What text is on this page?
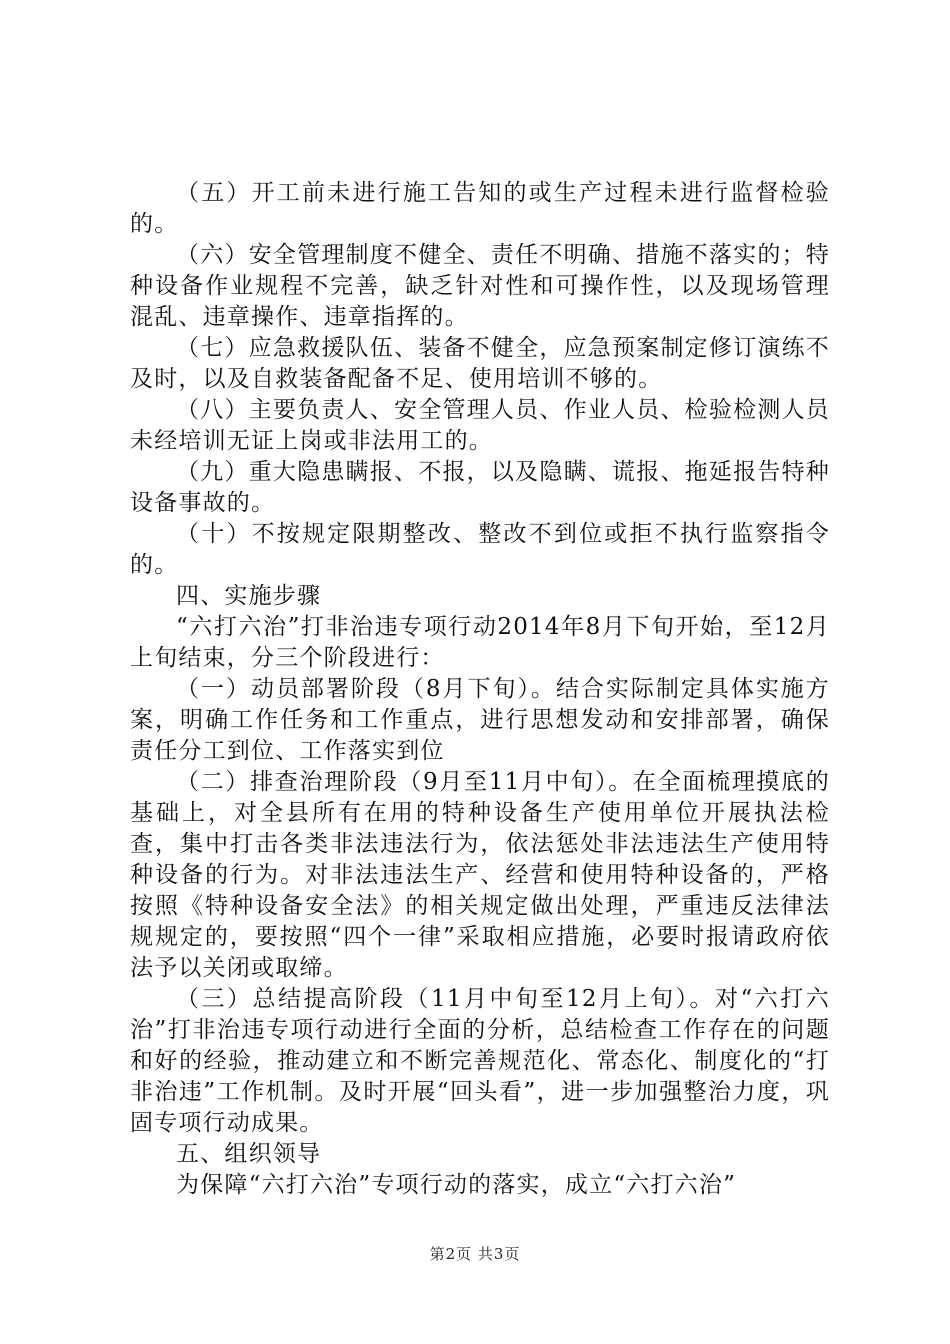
（五）开工前未进行施工告知的或生产过程未进行监督检验的。

（六）安全管理制度不健全、责任不明确、措施不落实的；特种设备作业规程不完善，缺乏针对性和可操作性，以及现场管理混乱、违章操作、违章指挥的。

（七）应急救援队伍、装备不健全，应急预案制定修订演练不及时，以及自救装备配备不足、使用培训不够的。

（八）主要负责人、安全管理人员、作业人员、检验检测人员未经培训无证上岗或非法用工的。

（九）重大隐患瞒报、不报，以及隐瞒、谎报、拖延报告特种设备事故的。

（十）不按规定限期整改、整改不到位或拒不执行监察指令的。

四、实施步骤

“六打六治”打非治违专项行动2014年8月下旬开始，至12月上旬结束，分三个阶段进行：

（一）动员部署阶段（8月下旬）。结合实际制定具体实施方案，明确工作任务和工作重点，进行思想发动和安排部署，确保责任分工到位、工作落实到位

（二）排查治理阶段（9月至11月中旬）。在全面梳理摸底的基础上，对全县所有在用的特种设备生产使用单位开展执法检查，集中打击各类非法违法行为，依法惩处非法违法生产使用特种设备的行为。对非法违法生产、经营和使用特种设备的，严格按照《特种设备安全法》的相关规定做出处理，严重违反法律法规规定的，要按照“四个一律”采取相应措施，必要时报请政府依法予以关闭或取缔。

（三）总结提高阶段（11月中旬至12月上旬）。对“六打六治”打非治违专项行动进行全面的分析，总结检查工作存在的问题和好的经验，推动建立和不断完善规范化、常态化、制度化的“打非治违”工作机制。及时开展“回头看”，进一步加强整治力度，巩固专项行动成果。

五、组织领导

为保障“六打六治”专项行动的落实，成立“六打六治”

第2页 共3页
